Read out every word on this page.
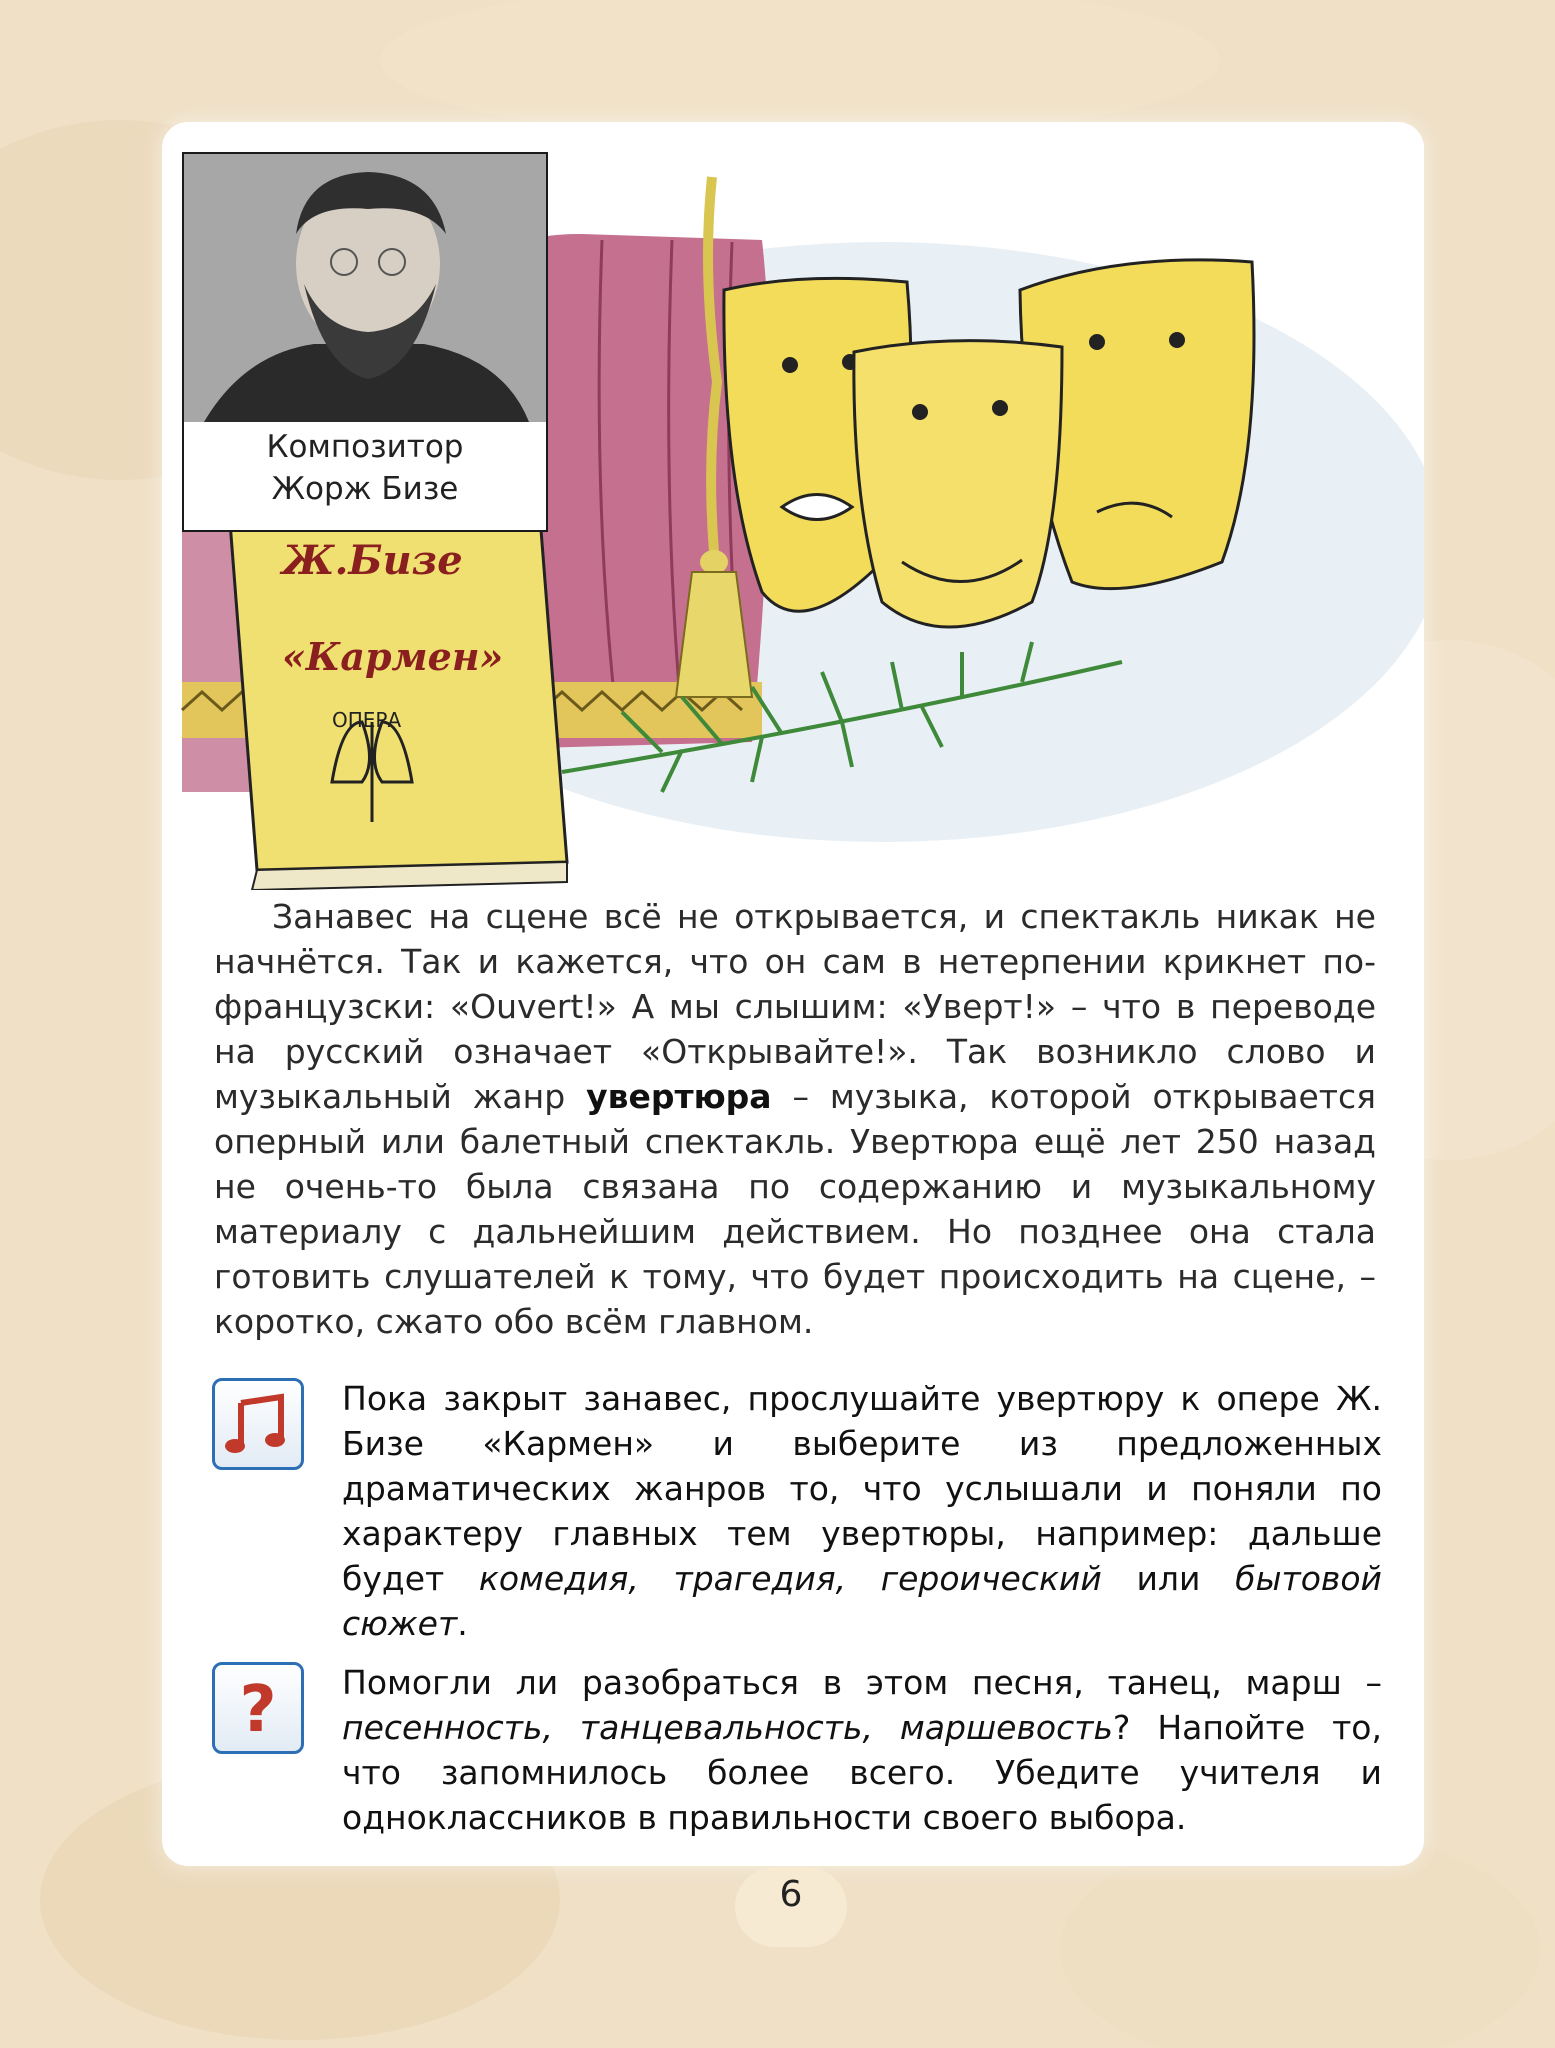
Ж.Бизе
«Кармен»
ОПЕРА
Композитор
Жорж Бизе

Занавес на сцене всё не открывается, и спектакль никак не начнётся. Так и кажется, что он сам в нетерпении крикнет по-французски: «Ouvert!» А мы слышим: «Уверт!» – что в переводе на русский означает «Открывайте!». Так возникло слово и музыкальный жанр увертюра – музыка, которой открывается оперный или балетный спектакль. Увертюра ещё лет 250 назад не очень-то была связана по содержанию и музыкальному материалу с дальнейшим действием. Но позднее она стала готовить слушателей к тому, что будет происходить на сцене, – коротко, сжато обо всём главном.

Пока закрыт занавес, прослушайте увертюру к опере Ж. Бизе «Кармен» и выберите из предложенных драматических жанров то, что услышали и поняли по характеру главных тем увертюры, например: дальше будет комедия, трагедия, героический или бытовой сюжет.
? Помогли ли разобраться в этом песня, танец, марш – песенность, танцевальность, маршевость? Напойте то, что запомнилось более всего. Убедите учителя и одноклассников в правильности своего выбора.
6
